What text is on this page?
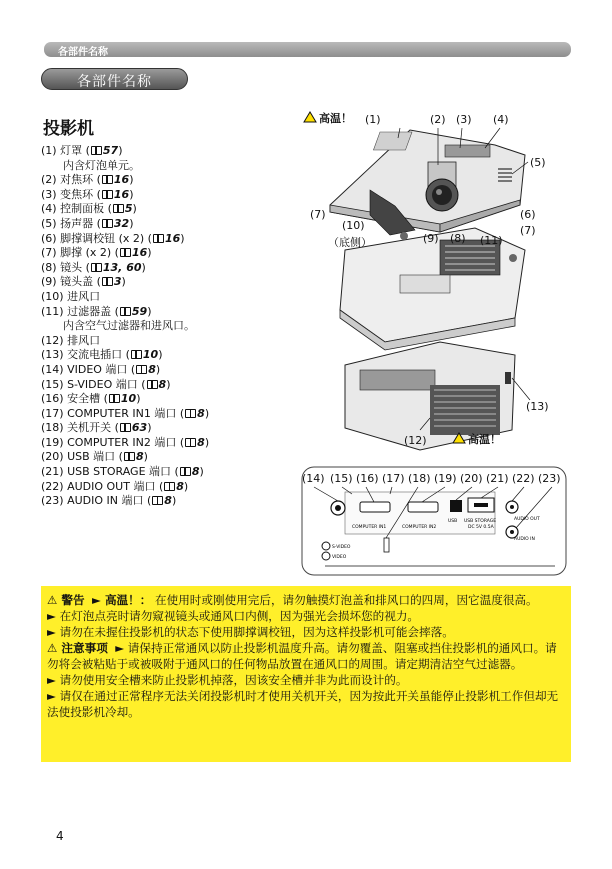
各部件名称
各部件名称
投影机
(1) 灯罩 ( 57)
内含灯泡单元。
(2) 对焦环 ( 16)
(3) 变焦环 ( 16)
(4) 控制面板 ( 5)
(5) 扬声器 ( 32)
(6) 脚撑调校钮 (x 2) ( 16)
(7) 脚撑 (x 2) ( 16)
(8) 镜头 ( 13, 60)
(9) 镜头盖 ( 3)
(10) 进风口
(11) 过滤器盖 ( 59)
内含空气过滤器和进风口。
(12) 排风口
(13) 交流电插口 ( 10)
(14) VIDEO 端口 ( 8)
(15) S-VIDEO 端口 ( 8)
(16) 安全槽 ( 10)
(17) COMPUTER IN1 端口 ( 8)
(18) 关机开关 ( 63)
(19) COMPUTER IN2 端口 ( 8)
(20) USB 端口 ( 8)
(21) USB STORAGE 端口 ( 8)
(22) AUDIO OUT 端口 ( 8)
(23) AUDIO IN 端口 ( 8)
高温！
高温！
(1)	(2) (3) (4)
(5)
(6)
(7)
(7)
(10)
（底侧）	(9) (8) (11)
(13)
(12)
(14) (15) (16) (17) (18) (19) (20) (21) (22) (23)
COMPUTER IN1	COMPUTER IN2
USB USB STORAGE
DC 5V 0.5A
AUDIO OUT
AUDIO IN
S-VIDEO
VIDEO

⚠ 警告 ► 高温！： 在使用时或刚使用完后，请勿触摸灯泡盖和排风口的四周，因它温度很高。

► 在灯泡点亮时请勿窥视镜头或通风口内侧，因为强光会损坏您的视力。

► 请勿在未握住投影机的状态下使用脚撑调校钮，因为这样投影机可能会摔落。

⚠ 注意事项 ► 请保持正常通风以防止投影机温度升高。请勿覆盖、阻塞或挡住投影机的通风口。请勿将会被粘贴于或被吸附于通风口的任何物品放置在通风口的周围。请定期清洁空气过滤器。

► 请勿使用安全槽来防止投影机掉落，因该安全槽并非为此而设计的。

► 请仅在通过正常程序无法关闭投影机时才使用关机开关，因为按此开关虽能停止投影机工作但却无法使投影机冷却。

4
